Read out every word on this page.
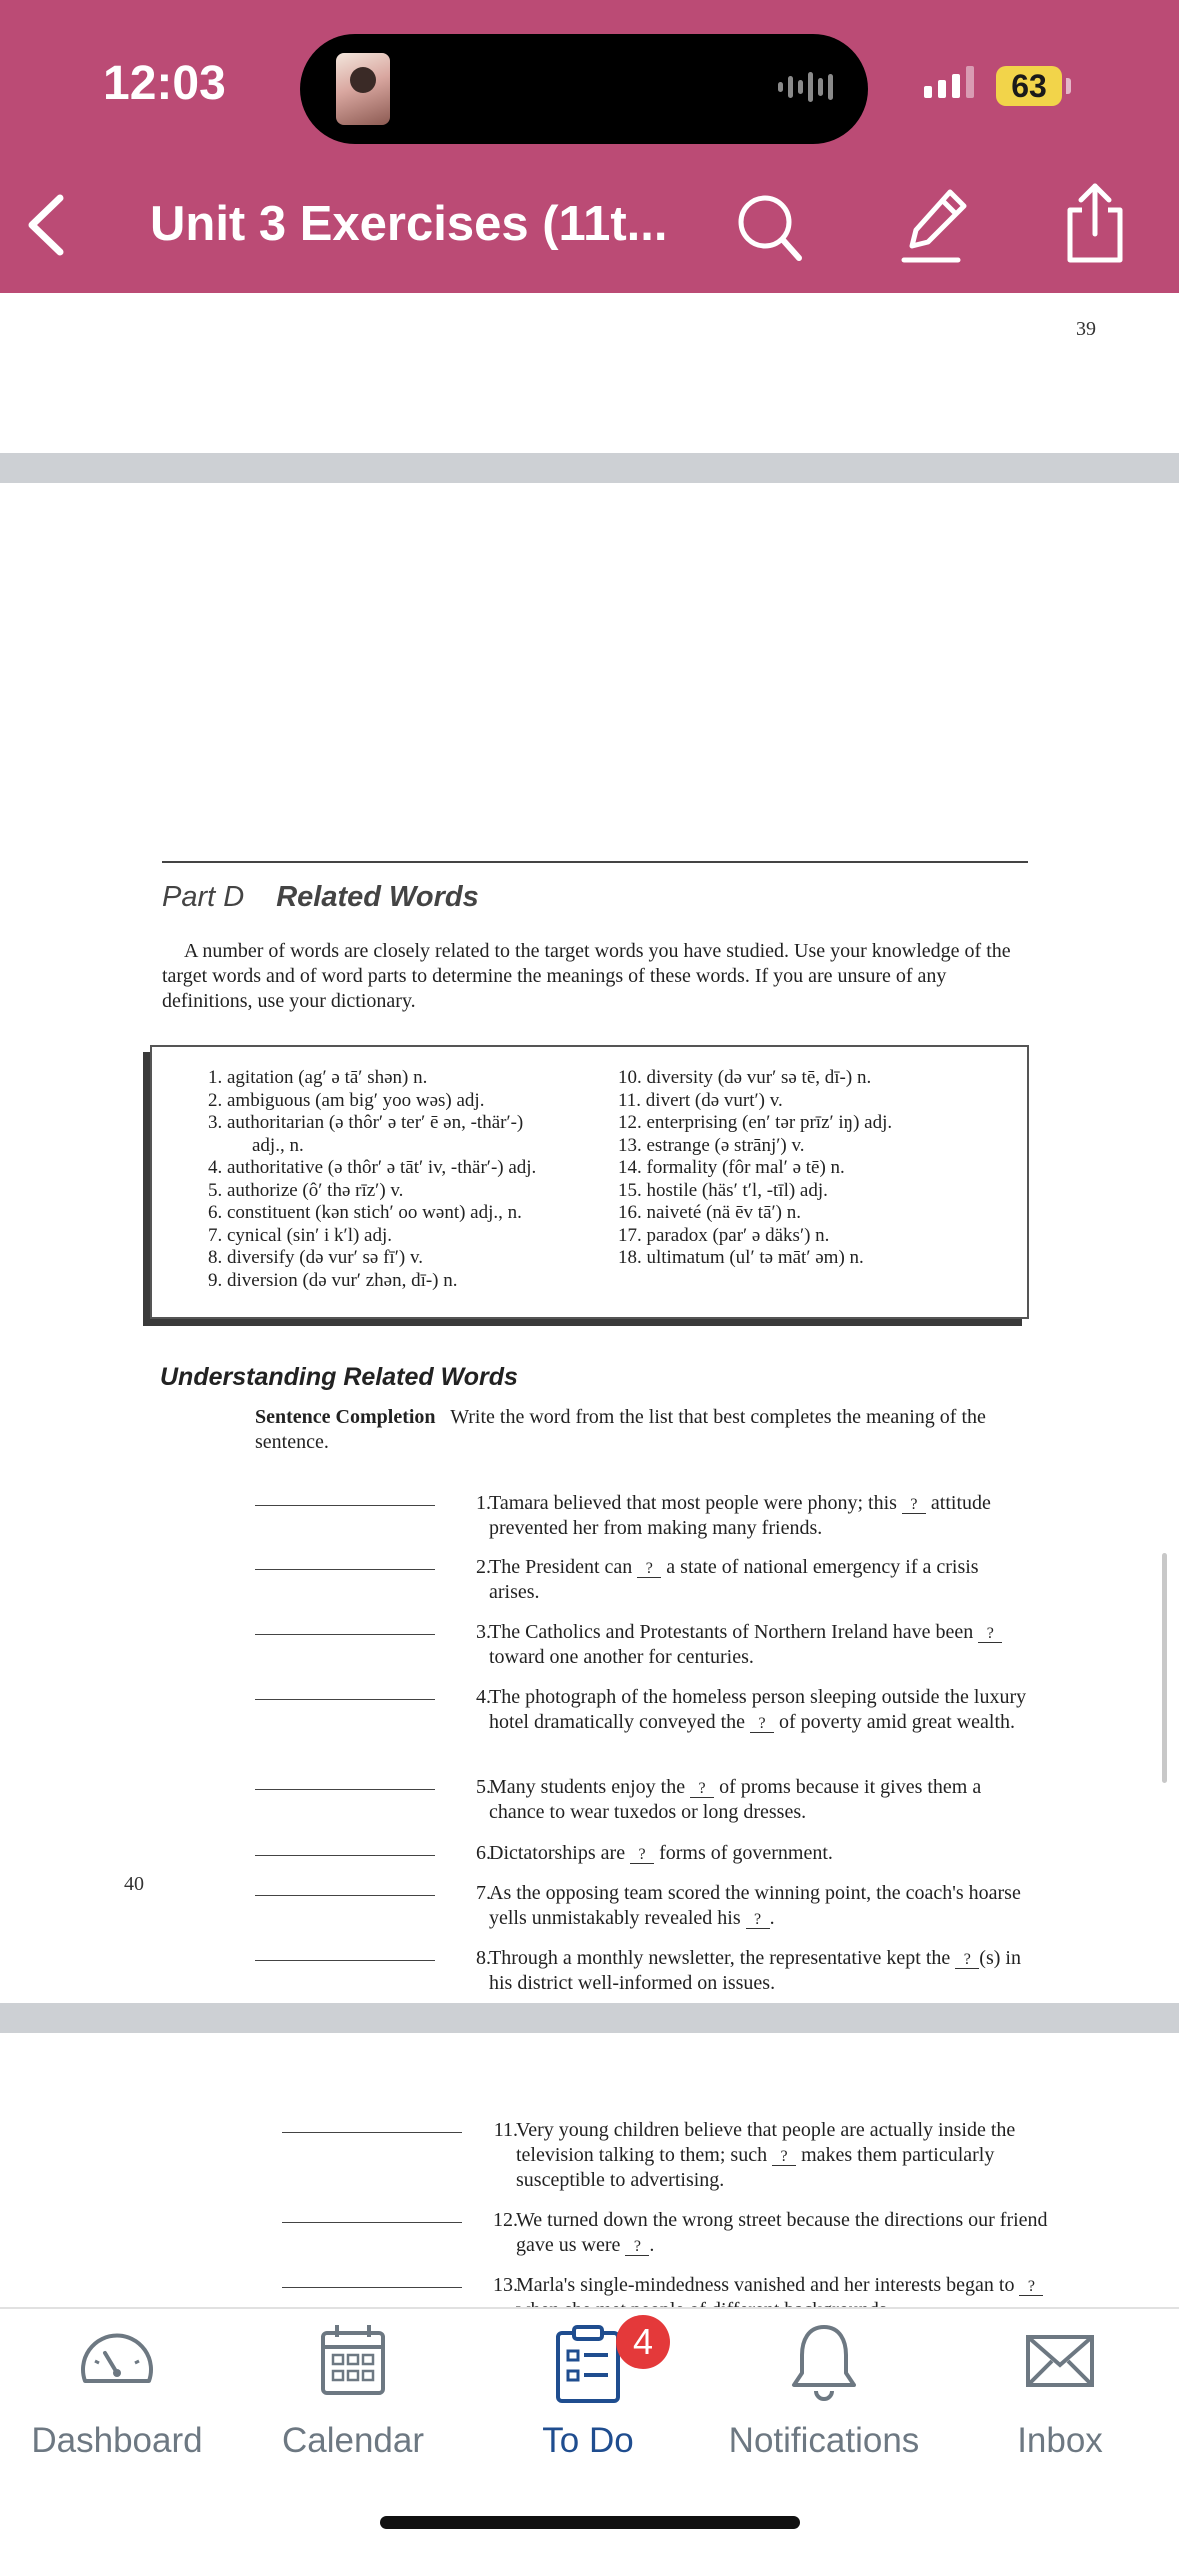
12:03	63
Unit 3 Exercises (11t...
39
Part D Related Words
A number of words are closely related to the target words you have studied. Use your knowledge of the target words and of word parts to determine the meanings of these words. If you are unsure of any definitions, use your dictionary.
1. agitation (ag′ ə tā′ shən) n.
2. ambiguous (am big′ yoo wəs) adj.
3. authoritarian (ə thôr′ ə ter′ ē ən, -thär′-)
adj., n.
4. authoritative (ə thôr′ ə tāt′ iv, -thär′-) adj.
5. authorize (ô′ thə rīz′) v.
6. constituent (kən stich′ oo wənt) adj., n.
7. cynical (sin′ i k′l) adj.
8. diversify (də vur′ sə fī′) v.
9. diversion (də vur′ zhən, dī-) n.
10. diversity (də vur′ sə tē, dī-) n.
11. divert (də vurt′) v.
12. enterprising (en′ tər prīz′ iŋ) adj.
13. estrange (ə strānj′) v.
14. formality (fôr mal′ ə tē) n.
15. hostile (häs′ t′l, -tīl) adj.
16. naiveté (nä ēv tā′) n.
17. paradox (par′ ə däks′) n.
18. ultimatum (ul′ tə māt′ əm) n.
Understanding Related Words
Sentence Completion Write the word from the list that best completes the meaning of the sentence.
1.
Tamara believed that most people were phony; this ? attitude prevented her from making many friends.
2.
The President can ? a state of national emergency if a crisis arises.
3.
The Catholics and Protestants of Northern Ireland have been ? toward one another for centuries.
4.
The photograph of the homeless person sleeping outside the luxury hotel dramatically conveyed the ? of poverty amid great wealth.
5.
Many students enjoy the ? of proms because it gives them a chance to wear tuxedos or long dresses.
6.
Dictatorships are ? forms of government.
7.
As the opposing team scored the winning point, the coach's hoarse yells unmistakably revealed his ? .
8.
Through a monthly newsletter, the representative kept the ? (s) in his district well-informed on issues.
40
11.
Very young children believe that people are actually inside the television talking to them; such ? makes them particularly susceptible to advertising.
12.
We turned down the wrong street because the directions our friend gave us were ? .
13.
Marla's single-mindedness vanished and her interests began to ?
Dashboard	Calendar
4
To Do	Notifications	Inbox
